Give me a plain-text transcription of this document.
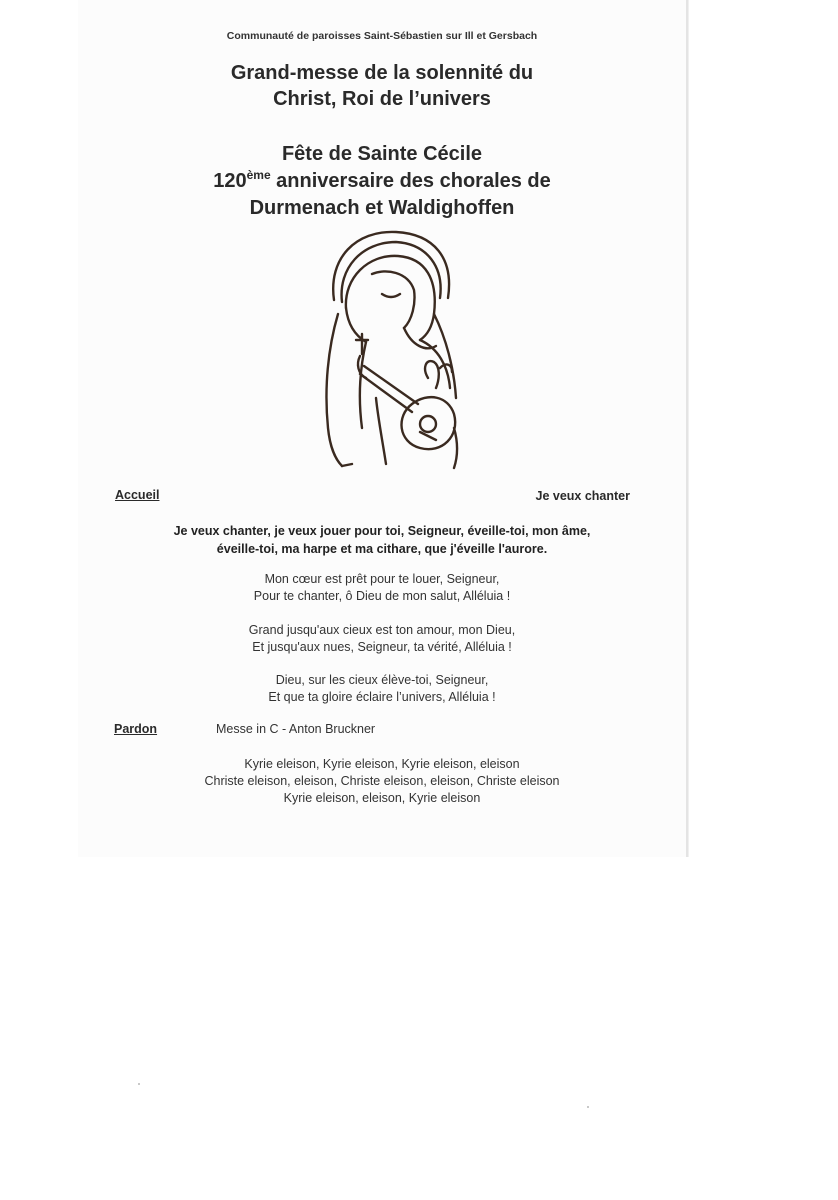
Communauté de paroisses Saint-Sébastien sur Ill et Gersbach
Grand-messe de la solennité du
Christ, Roi de l’univers
Fête de Sainte Cécile
120ème anniversaire des chorales de
Durmenach et Waldighoffen
Accueil	Je veux chanter
Je veux chanter, je veux jouer pour toi, Seigneur, éveille-toi, mon âme,
éveille-toi, ma harpe et ma cithare, que j'éveille l'aurore.
Mon cœur est prêt pour te louer, Seigneur,
Pour te chanter, ô Dieu de mon salut, Alléluia !
Grand jusqu'aux cieux est ton amour, mon Dieu,
Et jusqu'aux nues, Seigneur, ta vérité, Alléluia !
Dieu, sur les cieux élève-toi, Seigneur,
Et que ta gloire éclaire l’univers, Alléluia !
Pardon	Messe in C - Anton Bruckner
Kyrie eleison, Kyrie eleison, Kyrie eleison, eleison
Christe eleison, eleison, Christe eleison, eleison, Christe eleison
Kyrie eleison, eleison, Kyrie eleison
